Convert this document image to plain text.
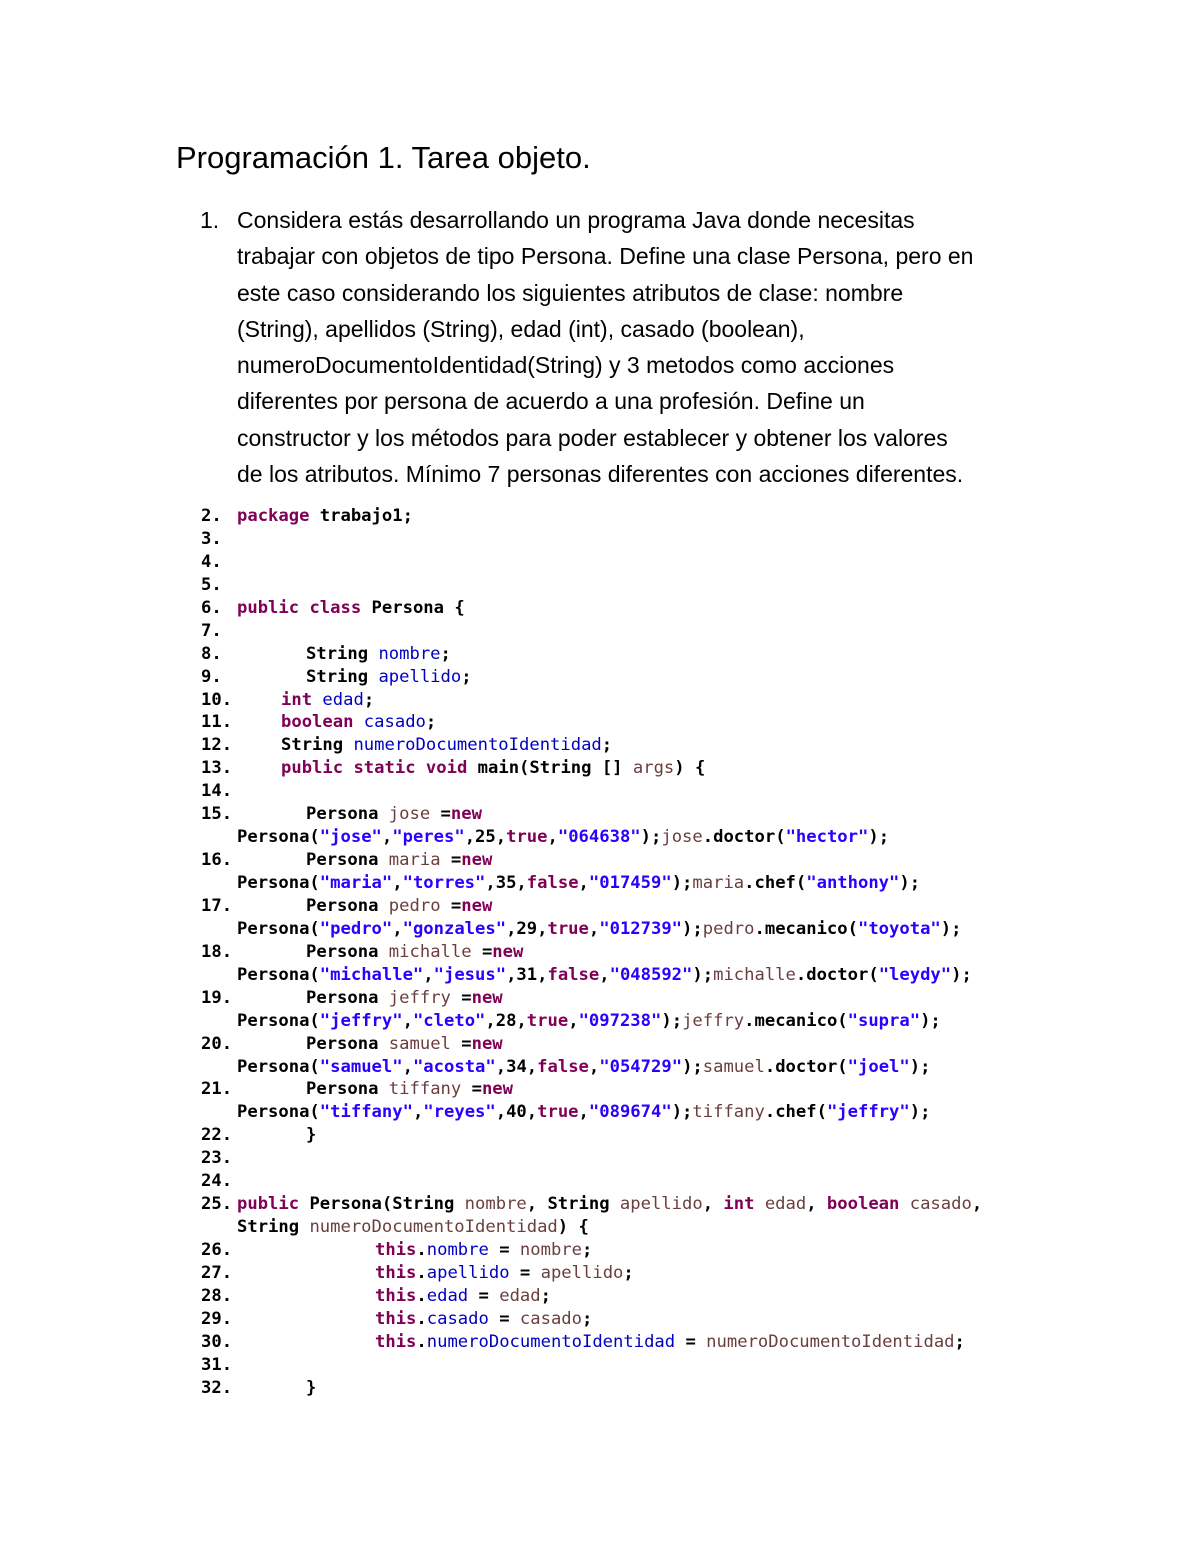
Programación 1. Tarea objeto.
1. Considera estás desarrollando un programa Java donde necesitas
trabajar con objetos de tipo Persona. Define una clase Persona, pero en
este caso considerando los siguientes atributos de clase: nombre
(String), apellidos (String), edad (int), casado (boolean),
numeroDocumentoIdentidad(String) y 3 metodos como acciones
diferentes por persona de acuerdo a una profesión. Define un
constructor y los métodos para poder establecer y obtener los valores
de los atributos. Mínimo 7 personas diferentes con acciones diferentes.
2. package trabajo1;
3.
4.
5.
6. public class Persona {
7.
8.	String nombre;
9.	String apellido;
10.	int edad;
11.	boolean casado;
12.	String numeroDocumentoIdentidad;
13.	public static void main(String [] args) {
14.
15.	Persona jose =new
Persona("jose","peres",25,true,"064638");jose.doctor("hector");
16.	Persona maria =new
Persona("maria","torres",35,false,"017459");maria.chef("anthony");
17.	Persona pedro =new
Persona("pedro","gonzales",29,true,"012739");pedro.mecanico("toyota");
18.	Persona michalle =new
Persona("michalle","jesus",31,false,"048592");michalle.doctor("leydy");
19.	Persona jeffry =new
Persona("jeffry","cleto",28,true,"097238");jeffry.mecanico("supra");
20.	Persona samuel =new
Persona("samuel","acosta",34,false,"054729");samuel.doctor("joel");
21.	Persona tiffany =new
Persona("tiffany","reyes",40,true,"089674");tiffany.chef("jeffry");
22.	}
23.
24.
25. public Persona(String nombre, String apellido, int edad, boolean casado,
String numeroDocumentoIdentidad) {
26.	this.nombre = nombre;
27.	this.apellido = apellido;
28.	this.edad = edad;
29.	this.casado = casado;
30.	this.numeroDocumentoIdentidad = numeroDocumentoIdentidad;
31.
32.	}
